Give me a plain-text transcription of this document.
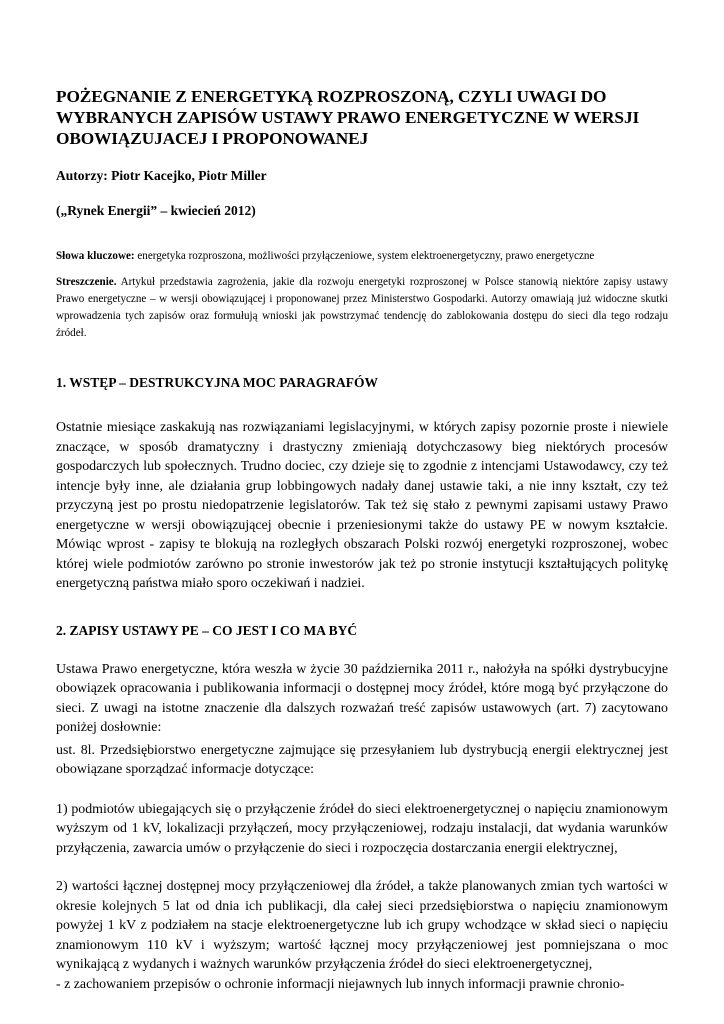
POŻEGNANIE Z ENERGETYKĄ ROZPROSZONĄ, CZYLI UWAGI DO WYBRANYCH ZAPISÓW USTAWY PRAWO ENERGETYCZNE W WERSJI OBOWIĄZUJACEJ I PROPONOWANEJ

Autorzy: Piotr Kacejko, Piotr Miller

(„Rynek Energii” – kwiecień 2012)

Słowa kluczowe: energetyka rozproszona, możliwości przyłączeniowe, system elektroenergetyczny, prawo energetyczne

Streszczenie. Artykuł przedstawia zagrożenia, jakie dla rozwoju energetyki rozproszonej w Polsce stanowią niektóre zapisy ustawy Prawo energetyczne – w wersji obowiązującej i proponowanej przez Ministerstwo Gospodarki. Autorzy omawiają już widoczne skutki wprowadzenia tych zapisów oraz formułują wnioski jak powstrzymać tendencję do zablokowania dostępu do sieci dla tego rodzaju źródeł.

1. WSTĘP – DESTRUKCYJNA MOC PARAGRAFÓW

Ostatnie miesiące zaskakują nas rozwiązaniami legislacyjnymi, w których zapisy pozornie proste i niewiele znaczące, w sposób dramatyczny i drastyczny zmieniają dotychczasowy bieg niektórych procesów gospodarczych lub społecznych. Trudno dociec, czy dzieje się to zgodnie z intencjami Ustawodawcy, czy też intencje były inne, ale działania grup lobbingowych nadały danej ustawie taki, a nie inny kształt, czy też przyczyną jest po prostu niedopatrzenie legislatorów. Tak też się stało z pewnymi zapisami ustawy Prawo energetyczne w wersji obowiązującej obecnie i przeniesionymi także do ustawy PE w nowym kształcie. Mówiąc wprost - zapisy te blokują na rozległych obszarach Polski rozwój energetyki rozproszonej, wobec której wiele podmiotów zarówno po stronie inwestorów jak też po stronie instytucji kształtujących politykę energetyczną państwa miało sporo oczekiwań i nadziei.

2. ZAPISY USTAWY PE – CO JEST I CO MA BYĆ

Ustawa Prawo energetyczne, która weszła w życie 30 października 2011 r., nałożyła na spółki dystrybucyjne obowiązek opracowania i publikowania informacji o dostępnej mocy źródeł, które mogą być przyłączone do sieci. Z uwagi na istotne znaczenie dla dalszych rozważań treść zapisów ustawowych (art. 7) zacytowano poniżej dosłownie:

ust. 8l. Przedsiębiorstwo energetyczne zajmujące się przesyłaniem lub dystrybucją energii elektrycznej jest obowiązane sporządzać informacje dotyczące:

1) podmiotów ubiegających się o przyłączenie źródeł do sieci elektroenergetycznej o napięciu znamionowym wyższym od 1 kV, lokalizacji przyłączeń, mocy przyłączeniowej, rodzaju instalacji, dat wydania warunków przyłączenia, zawarcia umów o przyłączenie do sieci i rozpoczęcia dostarczania energii elektrycznej,

2) wartości łącznej dostępnej mocy przyłączeniowej dla źródeł, a także planowanych zmian tych wartości w okresie kolejnych 5 lat od dnia ich publikacji, dla całej sieci przedsiębiorstwa o napięciu znamionowym powyżej 1 kV z podziałem na stacje elektroenergetyczne lub ich grupy wchodzące w skład sieci o napięciu znamionowym 110 kV i wyższym; wartość łącznej mocy przyłączeniowej jest pomniejszana o moc wynikającą z wydanych i ważnych warunków przyłączenia źródeł do sieci elektroenergetycznej,

- z zachowaniem przepisów o ochronie informacji niejawnych lub innych informacji prawnie chronio-
